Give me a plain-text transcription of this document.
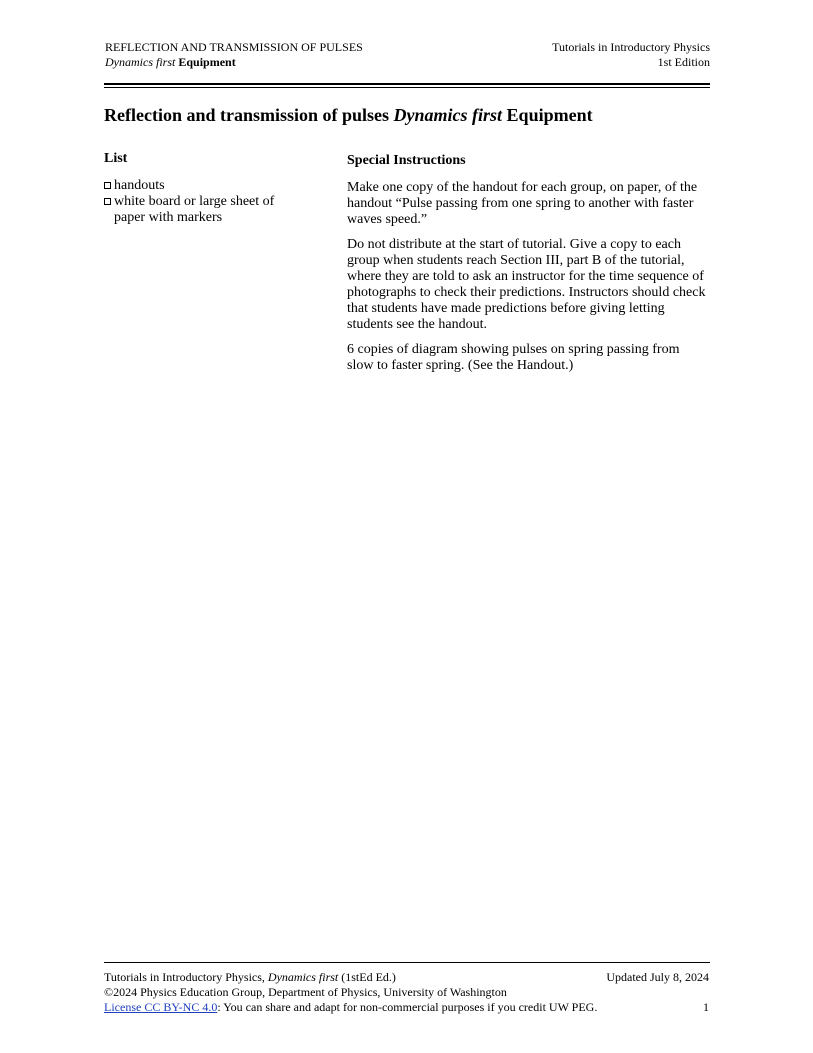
REFLECTION AND TRANSMISSION OF PULSES	Tutorials in Introductory Physics
Dynamics first Equipment	1st Edition
Reflection and transmission of pulses Dynamics first Equipment
List
handouts
white board or large sheet of paper with markers
Special Instructions

Make one copy of the handout for each group, on paper, of the handout “Pulse passing from one spring to another with faster waves speed.”

Do not distribute at the start of tutorial. Give a copy to each group when students reach Section III, part B of the tutorial, where they are told to ask an instructor for the time sequence of photographs to check their predictions. Instructors should check that students have made predictions before giving letting students see the handout.

6 copies of diagram showing pulses on spring passing from slow to faster spring. (See the Handout.)

Tutorials in Introductory Physics, Dynamics first (1stEd Ed.)	Updated July 8, 2024
©2024 Physics Education Group, Department of Physics, University of Washington
License CC BY-NC 4.0: You can share and adapt for non-commercial purposes if you credit UW PEG.	1
